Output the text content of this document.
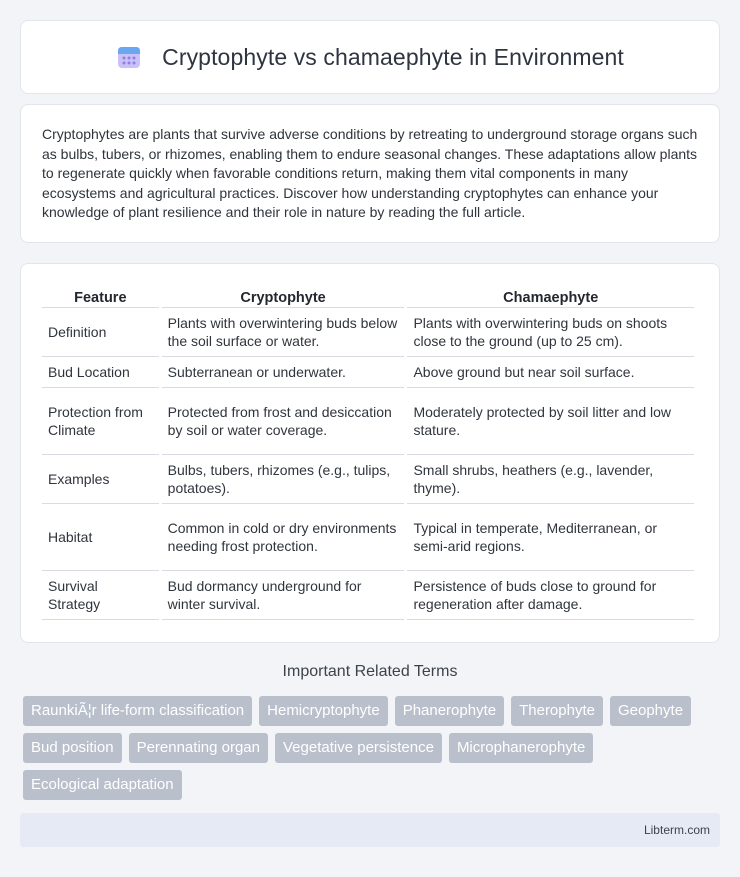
Cryptophyte vs chamaephyte in Environment

Cryptophytes are plants that survive adverse conditions by retreating to underground storage organs such as bulbs, tubers, or rhizomes, enabling them to endure seasonal changes. These adaptations allow plants to regenerate quickly when favorable conditions return, making them vital components in many ecosystems and agricultural practices. Discover how understanding cryptophytes can enhance your knowledge of plant resilience and their role in nature by reading the full article.

Feature	Cryptophyte	Chamaephyte
Definition	Plants with overwintering buds below the soil surface or water.	Plants with overwintering buds on shoots close to the ground (up to 25 cm).
Bud Location	Subterranean or underwater.	Above ground but near soil surface.
Protection from Climate	Protected from frost and desiccation by soil or water coverage.	Moderately protected by soil litter and low stature.
Examples	Bulbs, tubers, rhizomes (e.g., tulips, potatoes).	Small shrubs, heathers (e.g., lavender, thyme).
Habitat	Common in cold or dry environments needing frost protection.	Typical in temperate, Mediterranean, or semi-arid regions.
Survival Strategy	Bud dormancy underground for winter survival.	Persistence of buds close to ground for regeneration after damage.
Important Related Terms
RaunkiÃ¦r life-form classification	Hemicryptophyte	Phanerophyte	Therophyte	Geophyte
Bud position	Perennating organ	Vegetative persistence	Microphanerophyte
Ecological adaptation
Libterm.com
